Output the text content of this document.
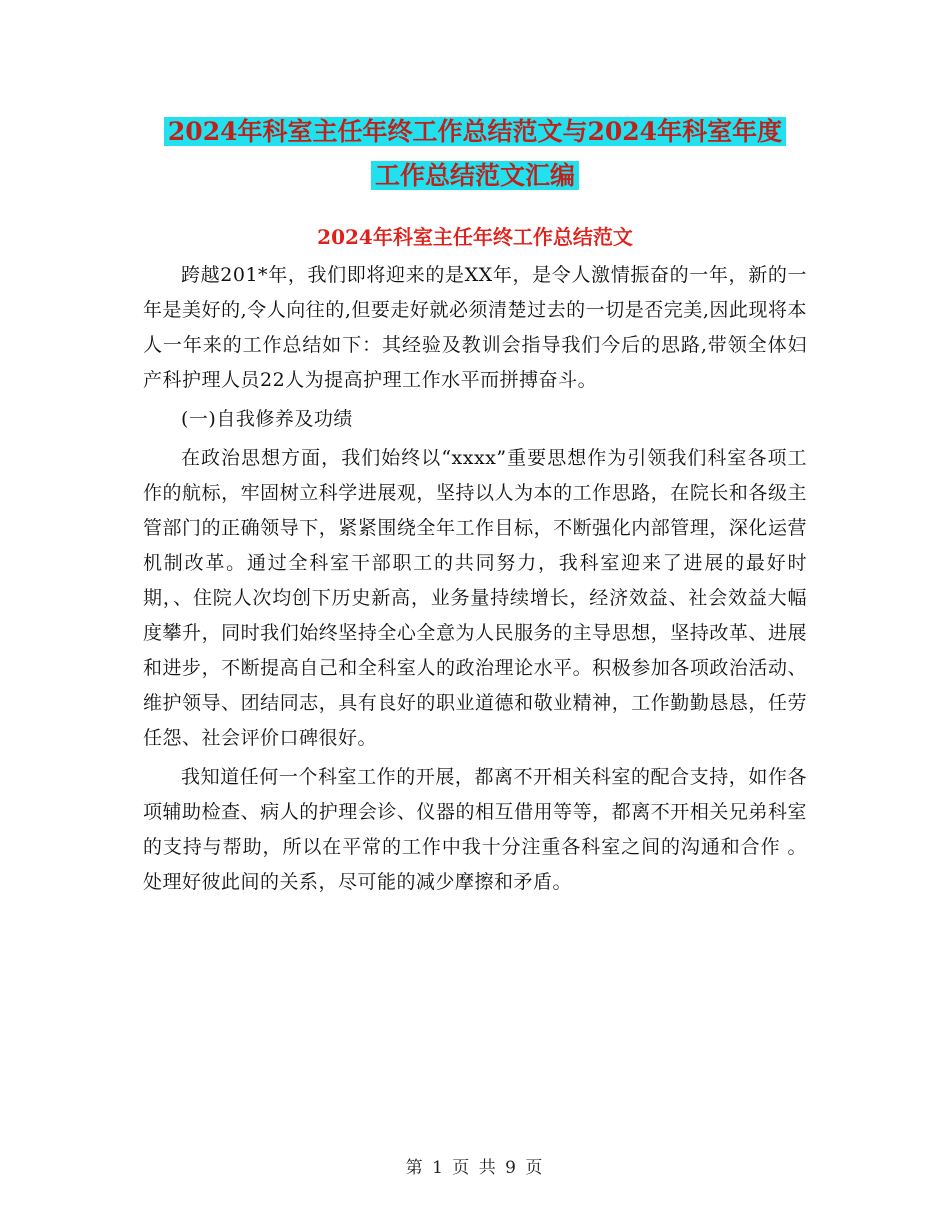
2024年科室主任年终工作总结范文与2024年科室年度
工作总结范文汇编
2024年科室主任年终工作总结范文

跨越201*年，我们即将迎来的是XX年，是令人激情振奋的一年，新的一年是美好的,令人向往的,但要走好就必须清楚过去的一切是否完美,因此现将本人一年来的工作总结如下：其经验及教训会指导我们今后的思路,带领全体妇产科护理人员22人为提高护理工作水平而拼搏奋斗。

(一)自我修养及功绩

在政治思想方面，我们始终以“xxxx”重要思想作为引领我们科室各项工作的航标，牢固树立科学进展观，坚持以人为本的工作思路，在院长和各级主管部门的正确领导下，紧紧围绕全年工作目标，不断强化内部管理，深化运营机制改革。通过全科室干部职工的共同努力，我科室迎来了进展的最好时期，、住院人次均创下历史新高，业务量持续增长，经济效益、社会效益大幅度攀升，同时我们始终坚持全心全意为人民服务的主导思想，坚持改革、进展和进步，不断提高自己和全科室人的政治理论水平。积极参加各项政治活动、维护领导、团结同志，具有良好的职业道德和敬业精神，工作勤勤恳恳，任劳任怨、社会评价口碑很好。

我知道任何一个科室工作的开展，都离不开相关科室的配合支持，如作各项辅助检查、病人的护理会诊、仪器的相互借用等等，都离不开相关兄弟科室的支持与帮助，所以在平常的工作中我十分注重各科室之间的沟通和合作 。处理好彼此间的关系，尽可能的减少摩擦和矛盾。

第 1 页 共 9 页
